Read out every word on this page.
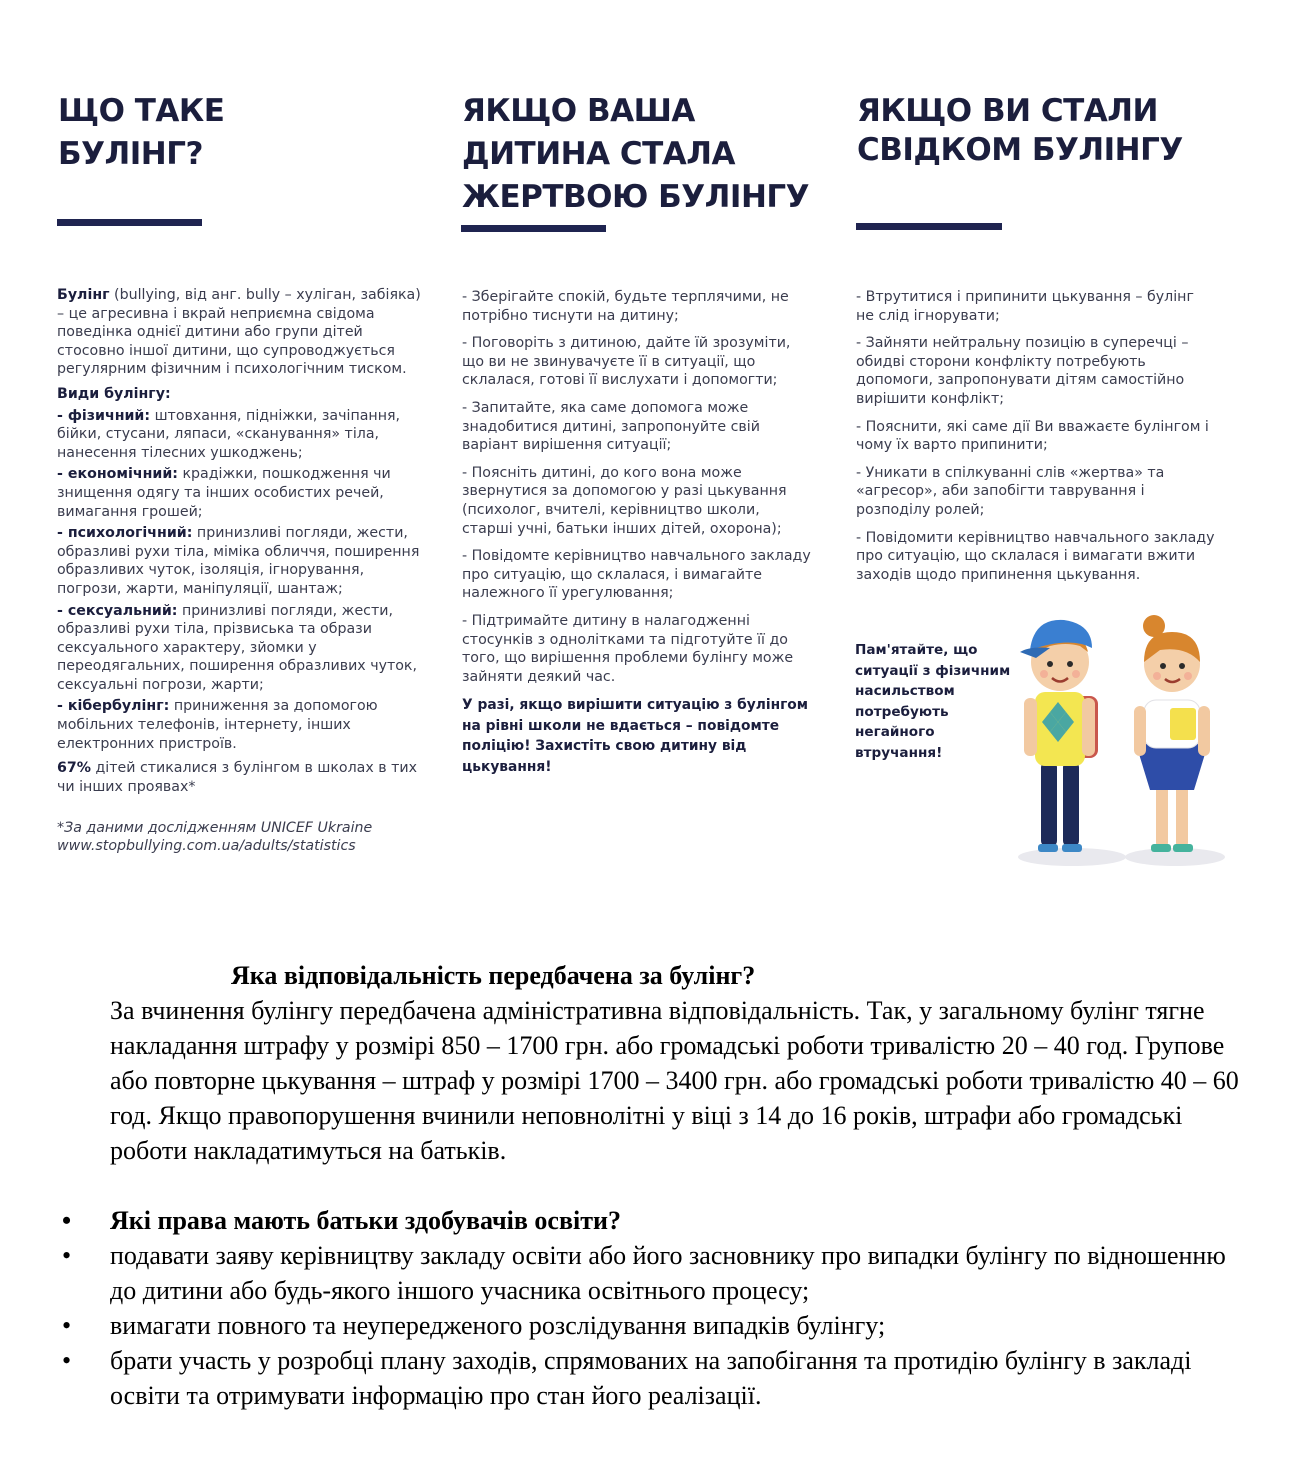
ЩО ТАКЕ
БУЛІНГ?

Булінг (bullying, від анг. bully – хуліган, забіяка) – це агресивна і вкрай неприємна свідома поведінка однієї дитини або групи дітей стосовно іншої дитини, що супроводжується регулярним фізичним і психологічним тиском.

Види булінгу:

- фізичний: штовхання, підніжки, зачіпання, бійки, стусани, ляпаси, «сканування» тіла, нанесення тілесних ушкоджень;

- економічний: крадіжки, пошкодження чи знищення одягу та інших особистих речей, вимагання грошей;

- психологічний: принизливі погляди, жести, образливі рухи тіла, міміка обличчя, поширення образливих чуток, ізоляція, ігнорування, погрози, жарти, маніпуляції, шантаж;

- сексуальний: принизливі погляди, жести, образливі рухи тіла, прізвиська та образи сексуального характеру, зйомки у переодягальних, поширення образливих чуток, сексуальні погрози, жарти;

- кібербулінг: приниження за допомогою мобільних телефонів, інтернету, інших електронних пристроїв.

67% дітей стикалися з булінгом в школах в тих чи інших проявах*

*За даними дослідженням UNICEF Ukraine
www.stopbullying.com.ua/adults/statistics
ЯКЩО ВАША
ДИТИНА СТАЛА
ЖЕРТВОЮ БУЛІНГУ

- Зберігайте спокій, будьте терплячими, не потрібно тиснути на дитину;

- Поговоріть з дитиною, дайте їй зрозуміти, що ви не звинувачуєте її в ситуації, що склалася, готові її вислухати і допомогти;

- Запитайте, яка саме допомога може знадобитися дитині, запропонуйте свій варіант вирішення ситуації;

- Поясніть дитині, до кого вона може звернутися за допомогою у разі цькування (психолог, вчителі, керівництво школи, старші учні, батьки інших дітей, охорона);

- Повідомте керівництво навчального закладу про ситуацію, що склалася, і вимагайте належного її урегулювання;

- Підтримайте дитину в налагодженні стосунків з однолітками та підготуйте її до того, що вирішення проблеми булінгу може зайняти деякий час.

У разі, якщо вирішити ситуацію з булінгом на рівні школи не вдається – повідомте поліцію! Захистіть свою дитину від цькування!

ЯКЩО ВИ СТАЛИ
СВІДКОМ БУЛІНГУ

- Втрутитися і припинити цькування – булінг не слід ігнорувати;

- Зайняти нейтральну позицію в суперечці – обидві сторони конфлікту потребують допомоги, запропонувати дітям самостійно вирішити конфлікт;

- Пояснити, які саме дії Ви вважаєте булінгом і чому їх варто припинити;

- Уникати в спілкуванні слів «жертва» та «агресор», аби запобігти таврування і розподілу ролей;

- Повідомити керівництво навчального закладу про ситуацію, що склалася і вимагати вжити заходів щодо припинення цькування.

Пам'ятайте, що
ситуації з фізичним
насильством
потребують
негайного
втручання!
Яка відповідальність передбачена за булінг?
За вчинення булінгу передбачена адміністративна відповідальність. Так, у загальному булінг тягне накладання штрафу у розмірі 850 – 1700 грн. або громадські роботи тривалістю 20 – 40 год. Групове або повторне цькування – штраф у розмірі 1700 – 3400 грн. або громадські роботи тривалістю 40 – 60 год. Якщо правопорушення вчинили неповнолітні у віці з 14 до 16 років, штрафи або громадські роботи накладатимуться на батьків.
• Які права мають батьки здобувачів освіти?
• подавати заяву керівництву закладу освіти або його засновнику про випадки булінгу по відношенню до дитини або будь-якого іншого учасника освітнього процесу;
• вимагати повного та неупередженого розслідування випадків булінгу;
• брати участь у розробці плану заходів, спрямованих на запобігання та протидію булінгу в закладі освіти та отримувати інформацію про стан його реалізації.
